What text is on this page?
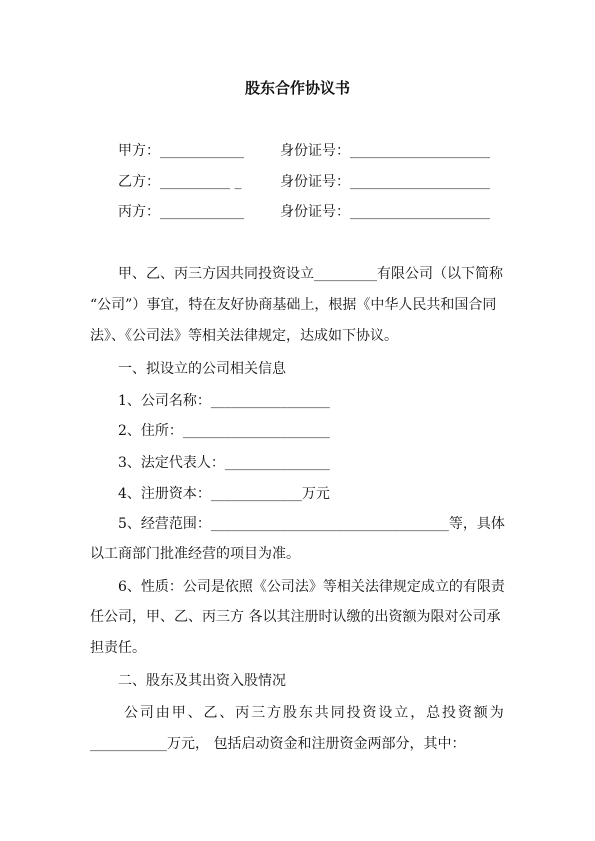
股东合作协议书
甲方：____________	身份证号：____________________
乙方：__________ _	身份证号：____________________
丙方：____________	身份证号：____________________
甲、乙、丙三方因共同投资设立_________有限公司（以下简称
“公司”）事宜，特在友好协商基础上，根据《中华人民共和国合同
法》、《公司法》等相关法律规定，达成如下协议。
一、拟设立的公司相关信息
1、公司名称：_________________
2、住所：_____________________
3、法定代表人：_______________
4、注册资本：_____________万元
5、经营范围：__________________________________等，具体
以工商部门批准经营的项目为准。
6、性质：公司是依照《公司法》等相关法律规定成立的有限责
任公司，甲、乙、丙三方 各以其注册时认缴的出资额为限对公司承
担责任。
二、股东及其出资入股情况
公司由甲、乙、丙三方股东共同投资设立，总投资额为
___________万元， 包括启动资金和注册资金两部分，其中：
